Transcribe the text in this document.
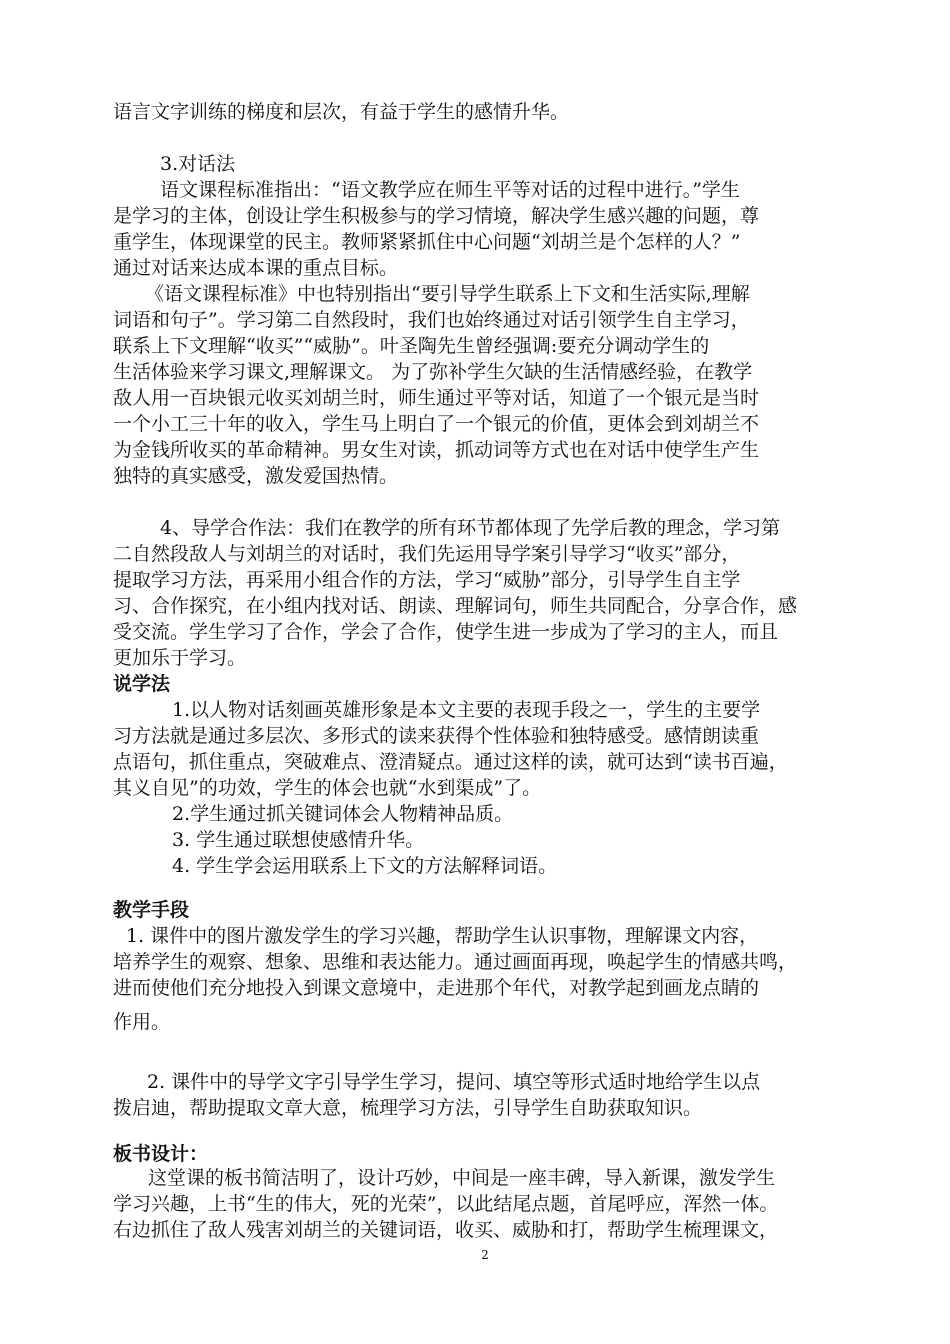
语言文字训练的梯度和层次，有益于学生的感情升华。
3.对话法
语文课程标准指出：“语文教学应在师生平等对话的过程中进行。”学生
是学习的主体，创设让学生积极参与的学习情境，解决学生感兴趣的问题，尊
重学生，体现课堂的民主。教师紧紧抓住中心问题“刘胡兰是个怎样的人？”
通过对话来达成本课的重点目标。
《语文课程标准》中也特别指出“要引导学生联系上下文和生活实际,理解
词语和句子”。学习第二自然段时，我们也始终通过对话引领学生自主学习，
联系上下文理解“收买”“威胁”。叶圣陶先生曾经强调:要充分调动学生的
生活体验来学习课文,理解课文。 为了弥补学生欠缺的生活情感经验，在教学
敌人用一百块银元收买刘胡兰时，师生通过平等对话，知道了一个银元是当时
一个小工三十年的收入，学生马上明白了一个银元的价值，更体会到刘胡兰不
为金钱所收买的革命精神。男女生对读，抓动词等方式也在对话中使学生产生
独特的真实感受，激发爱国热情。
4、导学合作法：我们在教学的所有环节都体现了先学后教的理念，学习第
二自然段敌人与刘胡兰的对话时，我们先运用导学案引导学习“收买”部分，
提取学习方法，再采用小组合作的方法，学习“威胁”部分，引导学生自主学
习、合作探究，在小组内找对话、朗读、理解词句，师生共同配合，分享合作，感
受交流。学生学习了合作，学会了合作，使学生进一步成为了学习的主人，而且
更加乐于学习。
说学法
1.以人物对话刻画英雄形象是本文主要的表现手段之一，学生的主要学
习方法就是通过多层次、多形式的读来获得个性体验和独特感受。感情朗读重
点语句，抓住重点，突破难点、澄清疑点。通过这样的读，就可达到“读书百遍，
其义自见”的功效，学生的体会也就“水到渠成”了。
2.学生通过抓关键词体会人物精神品质。
3. 学生通过联想使感情升华。
4. 学生学会运用联系上下文的方法解释词语。
教学手段
1. 课件中的图片激发学生的学习兴趣，帮助学生认识事物，理解课文内容，
培养学生的观察、想象、思维和表达能力。通过画面再现，唤起学生的情感共鸣，
进而使他们充分地投入到课文意境中，走进那个年代，对教学起到画龙点睛的
作用。
2. 课件中的导学文字引导学生学习，提问、填空等形式适时地给学生以点
拨启迪，帮助提取文章大意，梳理学习方法，引导学生自助获取知识。
板书设计：
这堂课的板书简洁明了，设计巧妙，中间是一座丰碑，导入新课，激发学生
学习兴趣，上书“生的伟大，死的光荣”，以此结尾点题，首尾呼应，浑然一体。
右边抓住了敌人残害刘胡兰的关键词语，收买、威胁和打，帮助学生梳理课文，
2
